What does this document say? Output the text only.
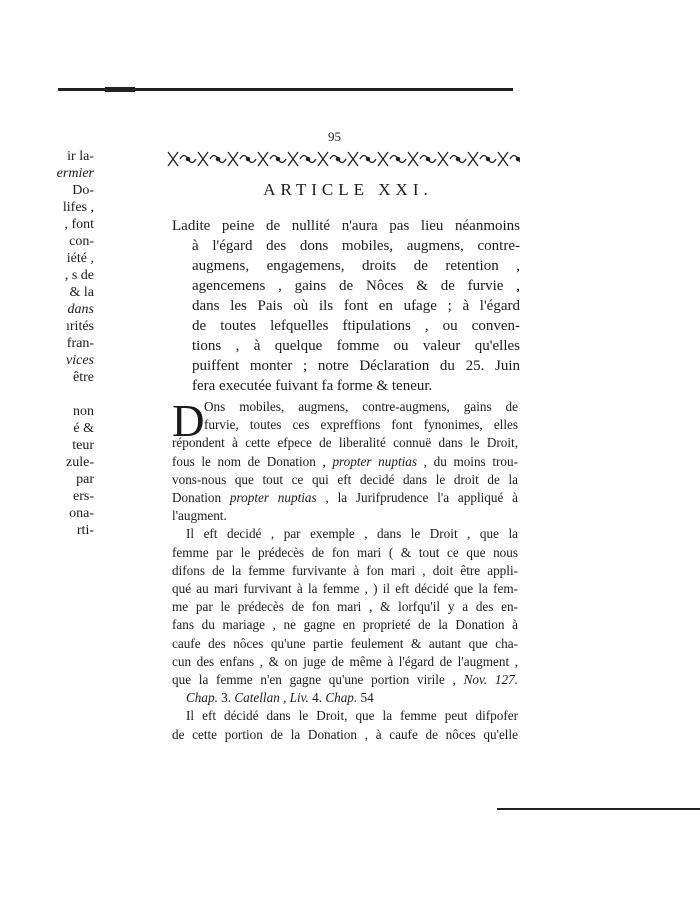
ir la-
ermier
Do-
lifes ,
, font
con-
iété ,
, s de
& la
dans
ırités
fran-
vices
être
non
é &
teur
zule-
par
ers-
ona-
rti-
95
ARTICLE XXI.
Ladite peine de nullité n'aura pas lieu néanmoins
à l'égard des dons mobiles, augmens, contre-
augmens, engagemens, droits de retention ,
agencemens , gains de Nôces & de furvie ,
dans les Pais où ils font en ufage ; à l'égard
de toutes lefquelles ftipulations , ou conven-
tions , à quelque fomme ou valeur qu'elles
puiffent monter ; notre Déclaration du 25. Juin
fera executée fuivant fa forme & teneur.
D Ons mobiles, augmens, contre-augmens, gains de
furvie, toutes ces expreffions font fynonimes, elles
répondent à cette efpece de liberalité connuë dans le Droit,
fous le nom de Donation , propter nuptias , du moins trou-
vons-nous que tout ce qui eft decidé dans le droit de la
Donation propter nuptias , la Jurifprudence l'a appliqué à
l'augment.
Il eft decidé , par exemple , dans le Droit , que la
femme par le prédecès de fon mari ( & tout ce que nous
difons de la femme furvivante à fon mari , doit être appli-
qué au mari furvivant à la femme , ) il eft décidé que la fem-
me par le prédecès de fon mari , & lorfqu'il y a des en-
fans du mariage , ne gagne en proprieté de la Donation à
caufe des nôces qu'une partie feulement & autant que cha-
cun des enfans , & on juge de même à l'égard de l'augment ,
que la femme n'en gagne qu'une portion virile , Nov. 127.
Chap. 3. Catellan , Liv. 4. Chap. 54
Il eft décidé dans le Droit, que la femme peut difpofer
de cette portion de la Donation , à caufe de nôces qu'elle
